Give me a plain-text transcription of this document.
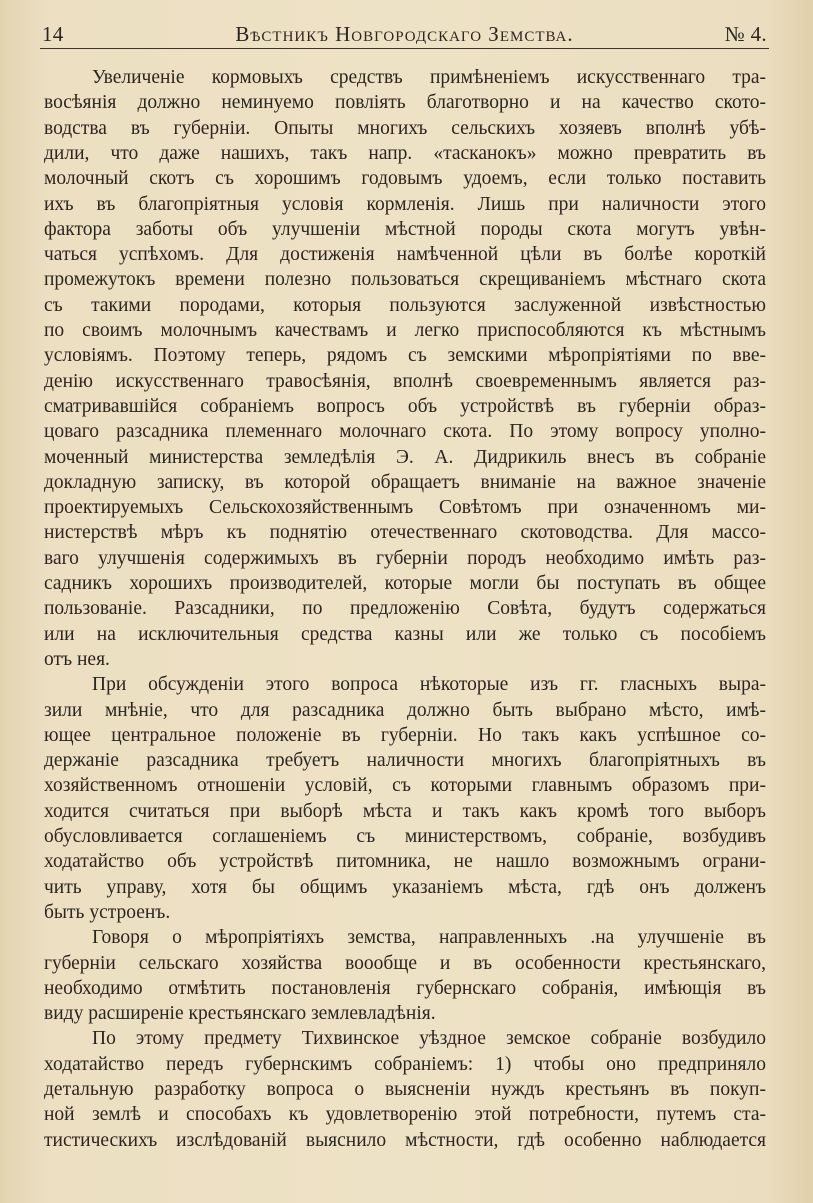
14	Вѣстникъ Новгородскаго Земства.	№ 4.
Увеличеніе кормовыхъ средствъ примѣненіемъ искусственнаго тра-
восѣянія должно неминуемо повліять благотворно и на качество ското-
водства въ губерніи. Опыты многихъ сельскихъ хозяевъ вполнѣ убѣ-
дили, что даже нашихъ, такъ напр. «тасканокъ» можно превратить въ
молочный скотъ съ хорошимъ годовымъ удоемъ, если только поставить
ихъ въ благопріятныя условія кормленія. Лишь при наличности этого
фактора заботы объ улучшеніи мѣстной породы скота могутъ увѣн-
чаться успѣхомъ. Для достиженія намѣченной цѣли въ болѣе короткій
промежутокъ времени полезно пользоваться скрещиваніемъ мѣстнаго скота
съ такими породами, которыя пользуются заслуженной извѣстностью
по своимъ молочнымъ качествамъ и легко приспособляются къ мѣстнымъ
условіямъ. Поэтому теперь, рядомъ съ земскими мѣропріятіями по вве-
денію искусственнаго травосѣянія, вполнѣ своевременнымъ является раз-
сматривавшійся собраніемъ вопросъ объ устройствѣ въ губерніи образ-
цоваго разсадника племеннаго молочнаго скота. По этому вопросу уполно-
моченный министерства земледѣлія Э. А. Дидрикиль внесъ въ собраніе
докладную записку, въ которой обращаетъ вниманіе на важное значеніе
проектируемыхъ Сельскохозяйственнымъ Совѣтомъ при означенномъ ми-
нистерствѣ мѣръ къ поднятію отечественнаго скотоводства. Для массо-
ваго улучшенія содержимыхъ въ губерніи породъ необходимо имѣть раз-
садникъ хорошихъ производителей, которые могли бы поступать въ общее
пользованіе. Разсадники, по предложенію Совѣта, будутъ содержаться
или на исключительныя средства казны или же только съ пособіемъ
отъ нея.
При обсужденіи этого вопроса нѣкоторые изъ гг. гласныхъ выра-
зили мнѣніе, что для разсадника должно быть выбрано мѣсто, имѣ-
ющее центральное положеніе въ губерніи. Но такъ какъ успѣшное со-
держаніе разсадника требуетъ наличности многихъ благопріятныхъ въ
хозяйственномъ отношеніи условій, съ которыми главнымъ образомъ при-
ходится считаться при выборѣ мѣста и такъ какъ кромѣ того выборъ
обусловливается соглашеніемъ съ министерствомъ, собраніе, возбудивъ
ходатайство объ устройствѣ питомника, не нашло возможнымъ ограни-
чить управу, хотя бы общимъ указаніемъ мѣста, гдѣ онъ долженъ
быть устроенъ.
Говоря о мѣропріятіяхъ земства, направленныхъ .на улучшеніе въ
губерніи сельскаго хозяйства воообще и въ особенности крестьянскаго,
необходимо отмѣтить постановленія губернскаго собранія, имѣющія въ
виду расширеніе крестьянскаго землевладѣнія.
По этому предмету Тихвинское уѣздное земское собраніе возбудило
ходатайство передъ губернскимъ собраніемъ: 1) чтобы оно предприняло
детальную разработку вопроса о выясненіи нуждъ крестьянъ въ покуп-
ной землѣ и способахъ къ удовлетворенію этой потребности, путемъ ста-
тистическихъ изслѣдованій выяснило мѣстности, гдѣ особенно наблюдается
